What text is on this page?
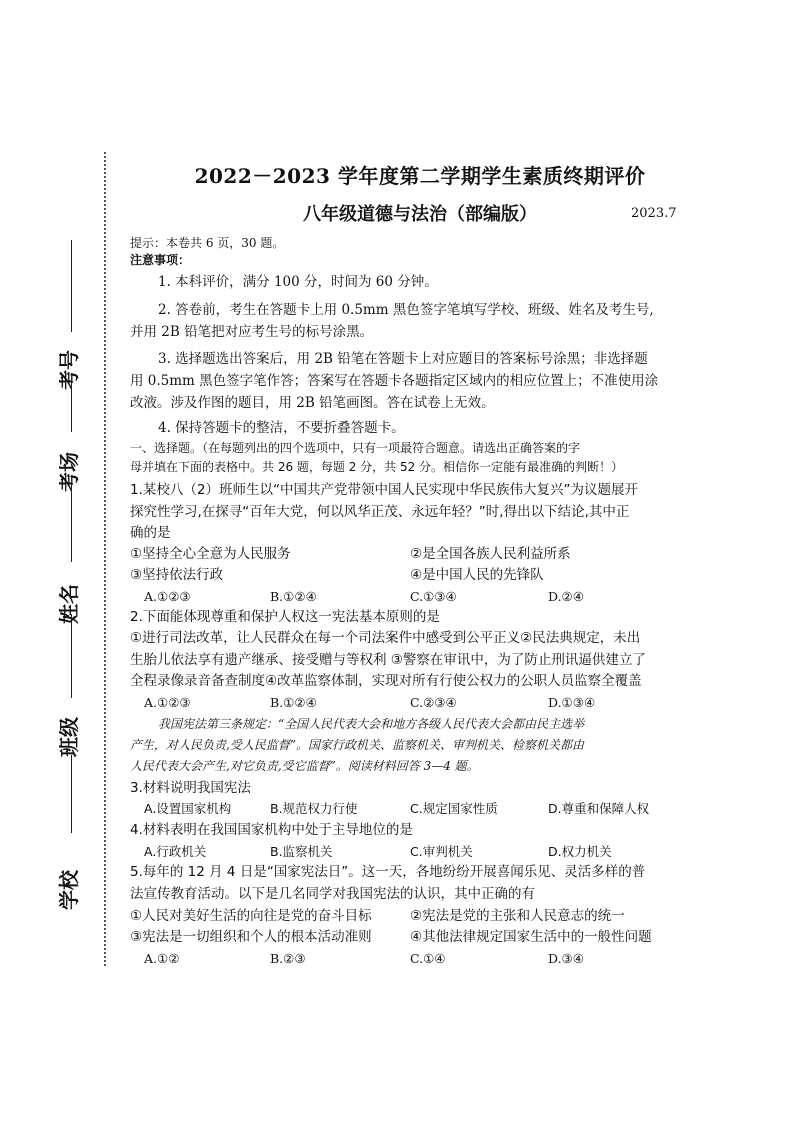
考号
考场
姓名
班级
学校
2022－2023 学年度第二学期学生素质终期评价
八年级道德与法治（部编版）	2023.7
提示：本卷共 6 页，30 题。
注意事项：
1. 本科评价，满分 100 分，时间为 60 分钟。
2. 答卷前，考生在答题卡上用 0.5mm 黑色签字笔填写学校、班级、姓名及考生号,
并用 2B 铅笔把对应考生号的标号涂黑。
3. 选择题选出答案后，用 2B 铅笔在答题卡上对应题目的答案标号涂黑；非选择题
用 0.5mm 黑色签字笔作答；答案写在答题卡各题指定区域内的相应位置上；不准使用涂
改液。涉及作图的题目，用 2B 铅笔画图。答在试卷上无效。
4. 保持答题卡的整洁，不要折叠答题卡。
一、选择题。（在每题列出的四个选项中，只有一项最符合题意。请选出正确答案的字
母并填在下面的表格中。共 26 题，每题 2 分，共 52 分。相信你一定能有最准确的判断！）
1.某校八（2）班师生以“中国共产党带领中国人民实现中华民族伟大复兴”为议题展开
探究性学习,在探寻“百年大党，何以风华正茂、永远年轻？”时,得出以下结论,其中正
确的是
①坚持全心全意为人民服务	②是全国各族人民利益所系
③坚持依法行政	④是中国人民的先锋队
A.①②③	B.①②④	C.①③④	D.②④
2.下面能体现尊重和保护人权这一宪法基本原则的是
①进行司法改革，让人民群众在每一个司法案件中感受到公平正义②民法典规定，未出
生胎儿依法享有遗产继承、接受赠与等权利 ③警察在审讯中，为了防止刑讯逼供建立了
全程录像录音备查制度④改革监察体制，实现对所有行使公权力的公职人员监察全覆盖
A.①②③	B.①②④	C.②③④	D.①③④
我国宪法第三条规定：“全国人民代表大会和地方各级人民代表大会都由民主选举
产生，对人民负责,受人民监督”。国家行政机关、监察机关、审判机关、检察机关都由
人民代表大会产生,对它负责,受它监督”。阅读材料回答 3—4 题。
3.材料说明我国宪法
A.设置国家机构	B.规范权力行使	C.规定国家性质	D.尊重和保障人权
4.材料表明在我国国家机构中处于主导地位的是
A.行政机关	B.监察机关	C.审判机关	D.权力机关
5.每年的 12 月 4 日是“国家宪法日”。这一天，各地纷纷开展喜闻乐见、灵活多样的普
法宣传教育活动。以下是几名同学对我国宪法的认识，其中正确的有
①人民对美好生活的向往是党的奋斗目标	②宪法是党的主张和人民意志的统一
③宪法是一切组织和个人的根本活动准则	④其他法律规定国家生活中的一般性问题
A.①②	B.②③	C.①④	D.③④
